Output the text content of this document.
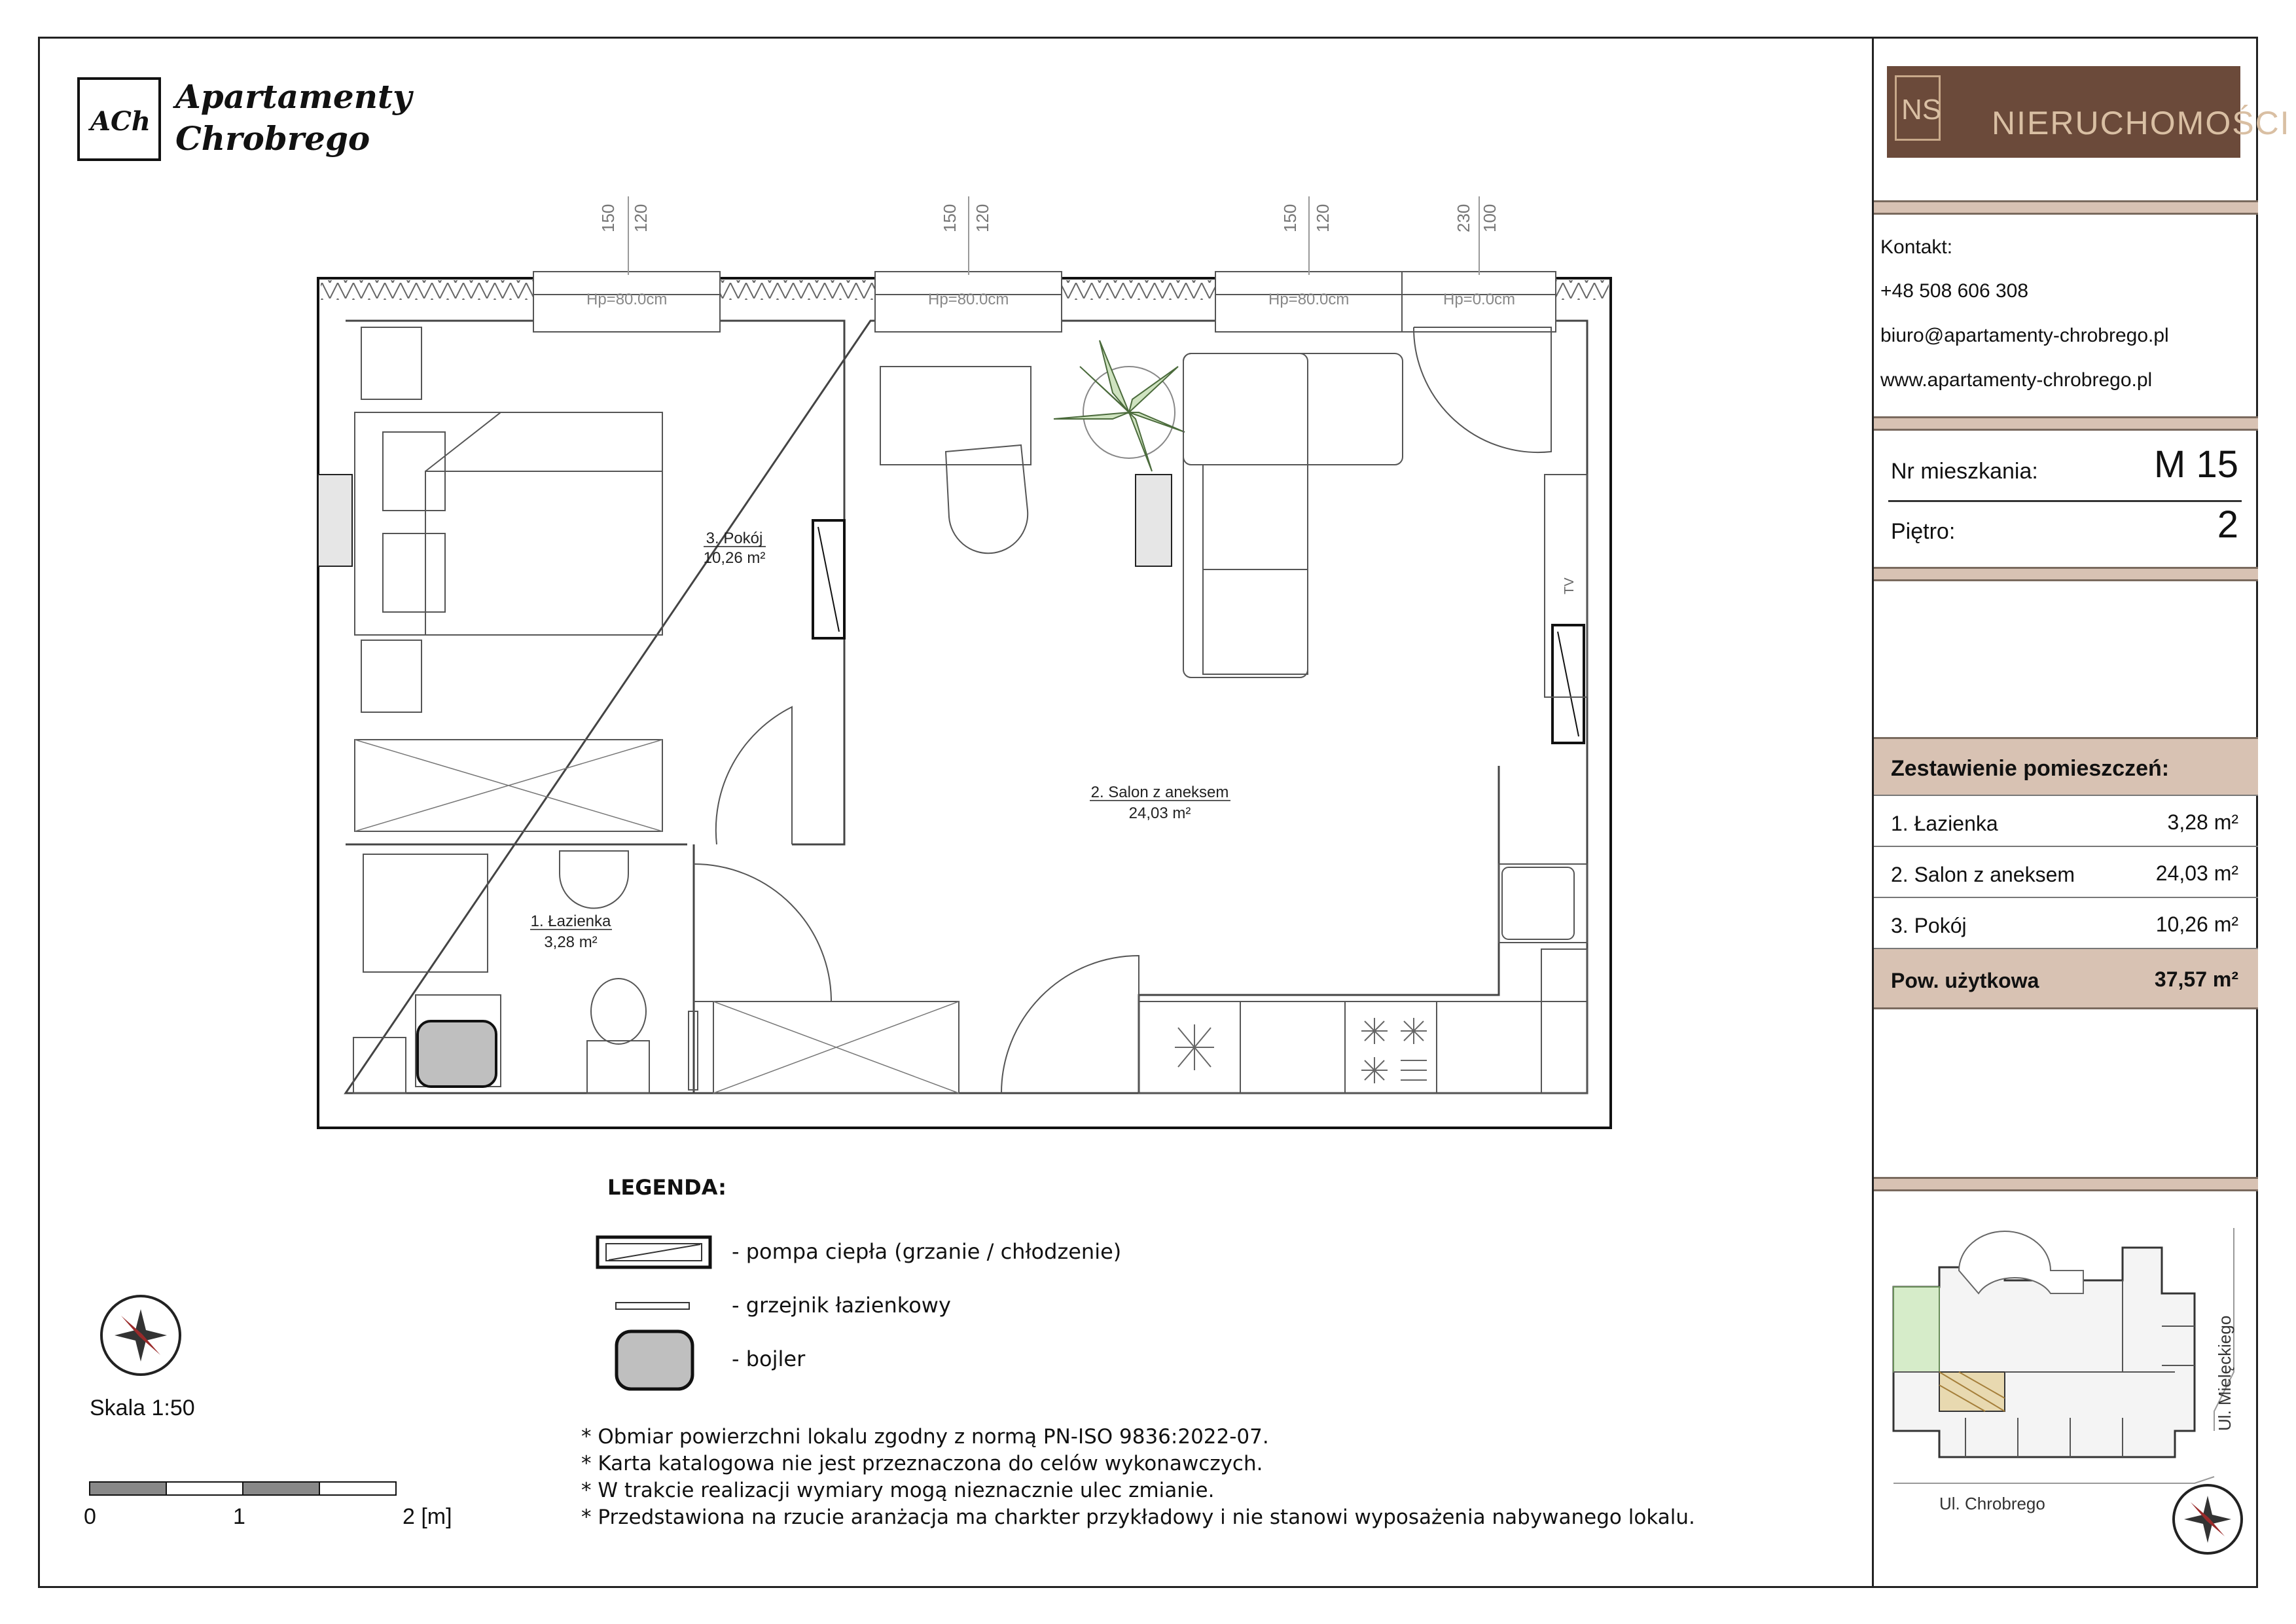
ACh
Apartamenty
Chrobrego
Hp=80.0cm	Hp=80.0cm	Hp=80.0cm	Hp=0.0cm
150 120	150 120	150 120	230 100
TV
3. Pokój
10,26 m²
2. Salon z aneksem
24,03 m²
1. Łazienka
3,28 m²
LEGENDA:
- pompa ciepła (grzanie / chłodzenie)
- grzejnik łazienkowy
- bojler
* Obmiar powierzchni lokalu zgodny z normą PN-ISO 9836:2022-07.
* Karta katalogowa nie jest przeznaczona do celów wykonawczych.
* W trakcie realizacji wymiary mogą nieznacznie ulec zmianie.
* Przedstawiona na rzucie aranżacja ma charkter przykładowy i nie stanowi wyposażenia nabywanego lokalu.
Skala 1:50
0	1	2 [m]
NS NIERUCHOMOŚCI
Kontakt:
+48 508 606 308
biuro@apartamenty-chrobrego.pl
www.apartamenty-chrobrego.pl
Nr mieszkania:	M 15
Piętro:	2
Zestawienie pomieszczeń:
1. Łazienka	3,28 m²
2. Salon z aneksem	24,03 m²
3. Pokój	10,26 m²
Pow. użytkowa	37,57 m²
Ul. Mielęckiego
Ul. Chrobrego
